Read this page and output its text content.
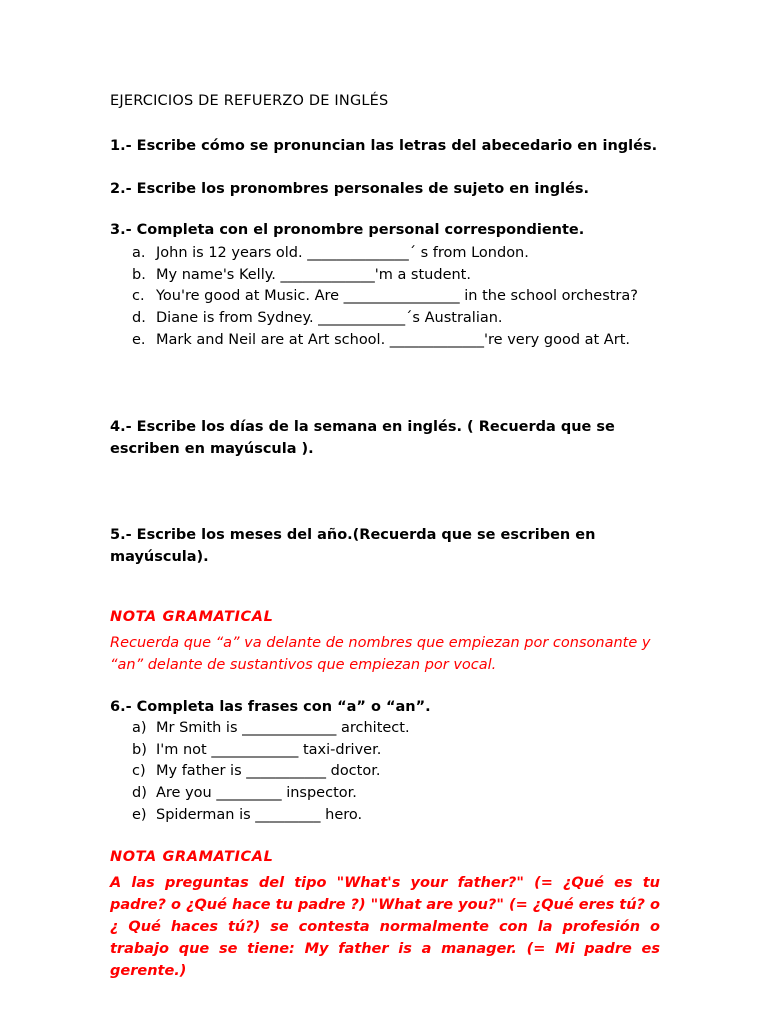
EJERCICIOS DE REFUERZO DE INGLÉS
1.- Escribe cómo se pronuncian las letras del abecedario en inglés.
2.- Escribe los pronombres personales de sujeto en inglés.
3.- Completa con el pronombre personal correspondiente.
a. John is 12 years old. ______________´ s from London.
b. My name's Kelly. _____________'m a student.
c. You're good at Music. Are ________________ in the school orchestra?
d. Diane is from Sydney. ____________´s Australian.
e. Mark and Neil are at Art school. _____________'re very good at Art.
4.- Escribe los días de la semana en inglés. ( Recuerda que se escriben en mayúscula ).
5.- Escribe los meses del año.(Recuerda que se escriben en mayúscula).
NOTA GRAMATICAL
Recuerda que “a” va delante de nombres que empiezan por consonante y “an” delante de sustantivos que empiezan por vocal.
6.- Completa las frases con “a” o “an”.
a) Mr Smith is _____________ architect.
b) I'm not ____________ taxi-driver.
c) My father is ___________ doctor.
d) Are you _________ inspector.
e) Spiderman is _________ hero.
NOTA GRAMATICAL
A las preguntas del tipo "What's your father?" (= ¿Qué es tu padre? o ¿Qué hace tu padre ?) "What are you?" (= ¿Qué eres tú? o ¿ Qué haces tú?) se contesta normalmente con la profesión o trabajo que se tiene: My father is a manager. (= Mi padre es gerente.)
